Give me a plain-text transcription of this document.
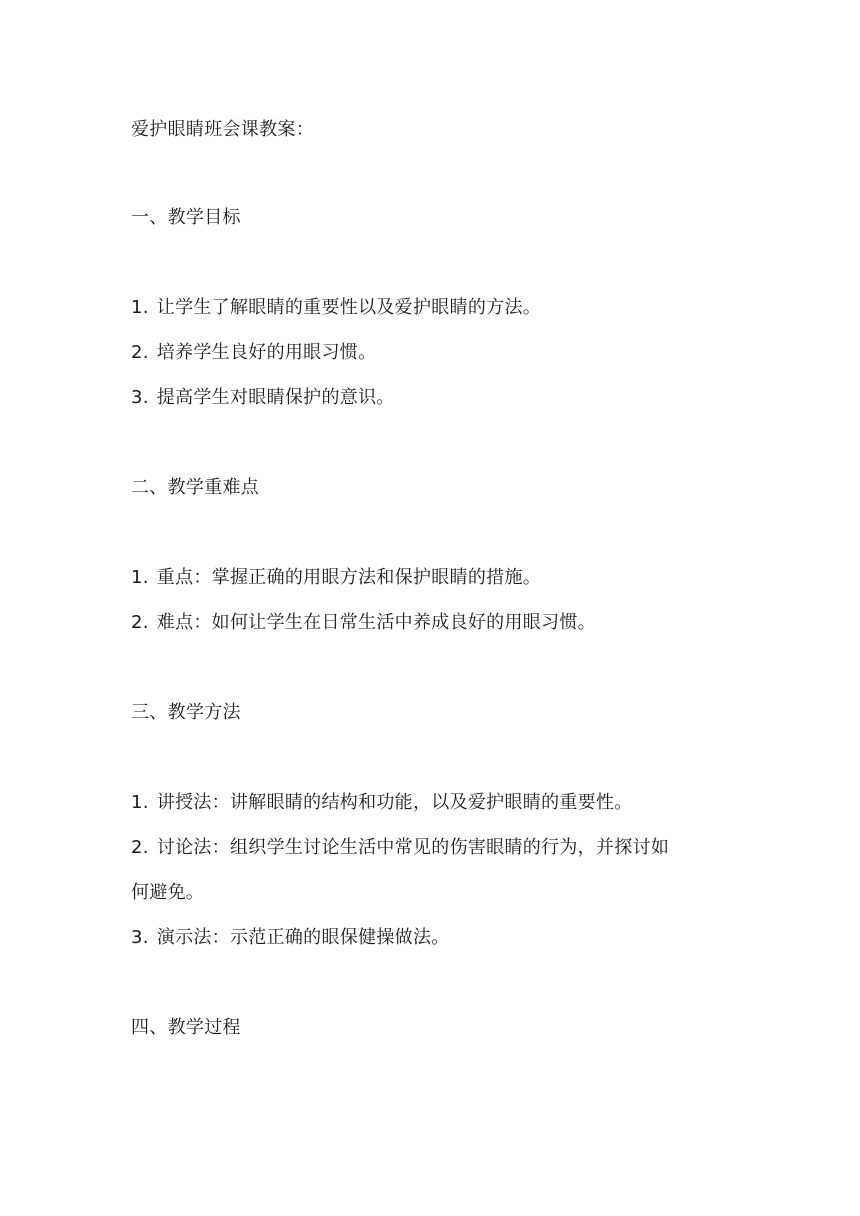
爱护眼睛班会课教案：
一、教学目标
1. 让学生了解眼睛的重要性以及爱护眼睛的方法。
2. 培养学生良好的用眼习惯。
3. 提高学生对眼睛保护的意识。
二、教学重难点
1. 重点：掌握正确的用眼方法和保护眼睛的措施。
2. 难点：如何让学生在日常生活中养成良好的用眼习惯。
三、教学方法
1. 讲授法：讲解眼睛的结构和功能，以及爱护眼睛的重要性。
2. 讨论法：组织学生讨论生活中常见的伤害眼睛的行为，并探讨如
何避免。
3. 演示法：示范正确的眼保健操做法。
四、教学过程
